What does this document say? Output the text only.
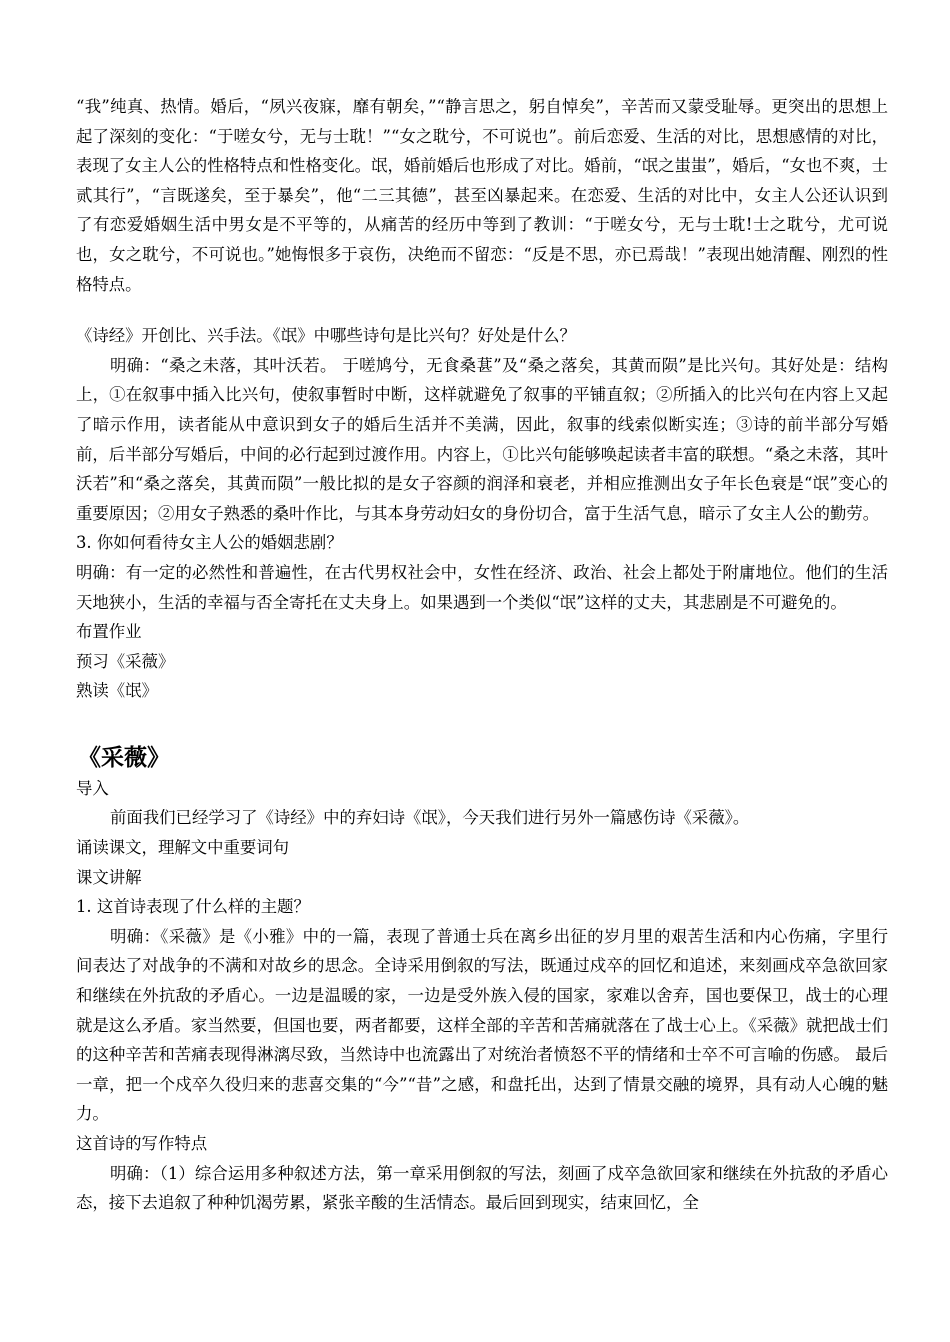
“我”纯真、热情。婚后，“夙兴夜寐，靡有朝矣，”“静言思之，躬自悼矣”，辛苦而又蒙受耻辱。更突出的思想上起了深刻的变化：“于嗟女兮，无与士耽！”“女之耽兮，不可说也”。前后恋爱、生活的对比，思想感情的对比，表现了女主人公的性格特点和性格变化。氓，婚前婚后也形成了对比。婚前，“氓之蚩蚩”，婚后，“女也不爽，士贰其行”，“言既遂矣，至于暴矣”，他“二三其德”，甚至凶暴起来。在恋爱、生活的对比中，女主人公还认识到了有恋爱婚姻生活中男女是不平等的，从痛苦的经历中等到了教训：“于嗟女兮，无与士耽!士之耽兮，尤可说也，女之耽兮，不可说也。”她悔恨多于哀伤，决绝而不留恋：“反是不思，亦已焉哉！”表现出她清醒、刚烈的性格特点。

《诗经》开创比、兴手法。《氓》中哪些诗句是比兴句？好处是什么？

明确：“桑之未落，其叶沃若。 于嗟鸠兮，无食桑葚”及“桑之落矣，其黄而陨”是比兴句。其好处是：结构上，①在叙事中插入比兴句，使叙事暂时中断，这样就避免了叙事的平铺直叙；②所插入的比兴句在内容上又起了暗示作用，读者能从中意识到女子的婚后生活并不美满，因此，叙事的线索似断实连；③诗的前半部分写婚前，后半部分写婚后，中间的必行起到过渡作用。内容上，①比兴句能够唤起读者丰富的联想。“桑之未落，其叶沃若”和“桑之落矣，其黄而陨”一般比拟的是女子容颜的润泽和衰老，并相应推测出女子年长色衰是“氓”变心的重要原因；②用女子熟悉的桑叶作比，与其本身劳动妇女的身份切合，富于生活气息，暗示了女主人公的勤劳。

3. 你如何看待女主人公的婚姻悲剧？

明确：有一定的必然性和普遍性，在古代男权社会中，女性在经济、政治、社会上都处于附庸地位。他们的生活天地狭小，生活的幸福与否全寄托在丈夫身上。如果遇到一个类似“氓”这样的丈夫，其悲剧是不可避免的。

布置作业

预习《采薇》

熟读《氓》

《采薇》

导入

前面我们已经学习了《诗经》中的弃妇诗《氓》，今天我们进行另外一篇感伤诗《采薇》。

诵读课文，理解文中重要词句

课文讲解

1. 这首诗表现了什么样的主题？

明确：《采薇》是《小雅》中的一篇，表现了普通士兵在离乡出征的岁月里的艰苦生活和内心伤痛，字里行间表达了对战争的不满和对故乡的思念。全诗采用倒叙的写法，既通过戍卒的回忆和追述，来刻画戍卒急欲回家和继续在外抗敌的矛盾心。一边是温暖的家，一边是受外族入侵的国家，家难以舍弃，国也要保卫，战士的心理就是这么矛盾。家当然要，但国也要，两者都要，这样全部的辛苦和苦痛就落在了战士心上。《采薇》就把战士们的这种辛苦和苦痛表现得淋漓尽致，当然诗中也流露出了对统治者愤怒不平的情绪和士卒不可言喻的伤感。 最后一章，把一个戍卒久役归来的悲喜交集的“今”“昔”之感，和盘托出，达到了情景交融的境界，具有动人心魄的魅力。

这首诗的写作特点

明确：（1）综合运用多种叙述方法，第一章采用倒叙的写法，刻画了戍卒急欲回家和继续在外抗敌的矛盾心态，接下去追叙了种种饥渴劳累，紧张辛酸的生活情态。最后回到现实，结束回忆，全
